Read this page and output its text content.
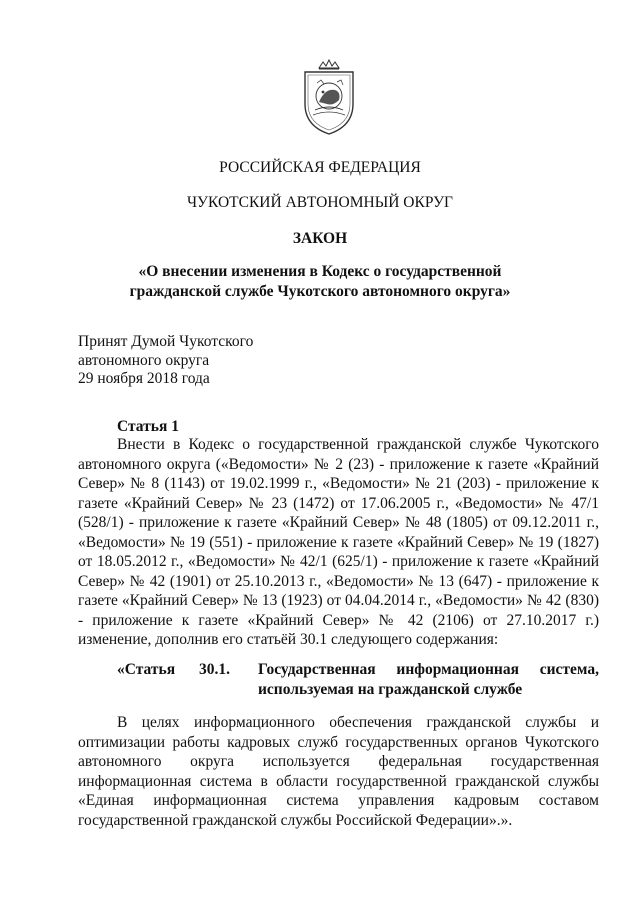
РОССИЙСКАЯ ФЕДЕРАЦИЯ
ЧУКОТСКИЙ АВТОНОМНЫЙ ОКРУГ
ЗАКОН
«О внесении изменения в Кодекс о государственной
гражданской службе Чукотского автономного округа»
Принят Думой Чукотского
автономного округа
29 ноября 2018 года
Статья 1

Внести в Кодекс о государственной гражданской службе Чукотского автономного округа («Ведомости» № 2 (23) - приложение к газете «Крайний Север» № 8 (1143) от 19.02.1999 г., «Ведомости» № 21 (203) - приложение к газете «Крайний Север» № 23 (1472) от 17.06.2005 г., «Ведомости» № 47/1 (528/1) - приложение к газете «Крайний Север» № 48 (1805) от 09.12.2011 г., «Ведомости» № 19 (551) - приложение к газете «Крайний Север» № 19 (1827) от 18.05.2012 г., «Ведомости» № 42/1 (625/1) - приложение к газете «Крайний Север» № 42 (1901) от 25.10.2013 г., «Ведомости» № 13 (647) - приложение к газете «Крайний Север» № 13 (1923) от 04.04.2014 г., «Ведомости» № 42 (830) - приложение к газете «Крайний Север» № 42 (2106) от 27.10.2017 г.) изменение, дополнив его статьёй 30.1 следующего содержания:

«Статья 30.1. Государственная информационная система, используемая на гражданской службе

В целях информационного обеспечения гражданской службы и оптимизации работы кадровых служб государственных органов Чукотского автономного округа используется федеральная государственная информационная система в области государственной гражданской службы «Единая информационная система управления кадровым составом государственной гражданской службы Российской Федерации».».
